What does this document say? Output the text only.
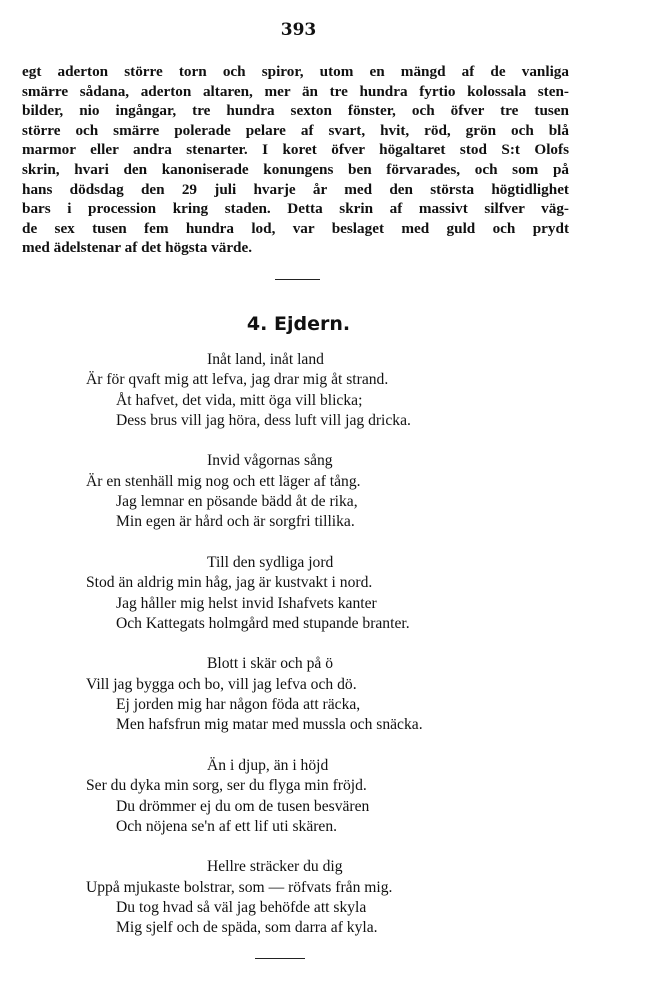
393
egt aderton större torn och spiror, utom en mängd af de vanliga
smärre sådana, aderton altaren, mer än tre hundra fyrtio kolossala sten-
bilder, nio ingångar, tre hundra sexton fönster, och öfver tre tusen
större och smärre polerade pelare af svart, hvit, röd, grön och blå
marmor eller andra stenarter. I koret öfver högaltaret stod S:t Olofs
skrin, hvari den kanoniserade konungens ben förvarades, och som på
hans dödsdag den 29 juli hvarje år med den största högtidlighet
bars i procession kring staden. Detta skrin af massivt silfver väg-
de sex tusen fem hundra lod, var beslaget med guld och prydt
med ädelstenar af det högsta värde.
4. Ejdern.
Inåt land, inåt land
Är för qvaft mig att lefva, jag drar mig åt strand.
Åt hafvet, det vida, mitt öga vill blicka;
Dess brus vill jag höra, dess luft vill jag dricka.
Invid vågornas sång
Är en stenhäll mig nog och ett läger af tång.
Jag lemnar en pösande bädd åt de rika,
Min egen är hård och är sorgfri tillika.
Till den sydliga jord
Stod än aldrig min håg, jag är kustvakt i nord.
Jag håller mig helst invid Ishafvets kanter
Och Kattegats holmgård med stupande branter.
Blott i skär och på ö
Vill jag bygga och bo, vill jag lefva och dö.
Ej jorden mig har någon föda att räcka,
Men hafsfrun mig matar med mussla och snäcka.
Än i djup, än i höjd
Ser du dyka min sorg, ser du flyga min fröjd.
Du drömmer ej du om de tusen besvären
Och nöjena se'n af ett lif uti skären.
Hellre sträcker du dig
Uppå mjukaste bolstrar, som — röfvats från mig.
Du tog hvad så väl jag behöfde att skyla
Mig sjelf och de späda, som darra af kyla.
